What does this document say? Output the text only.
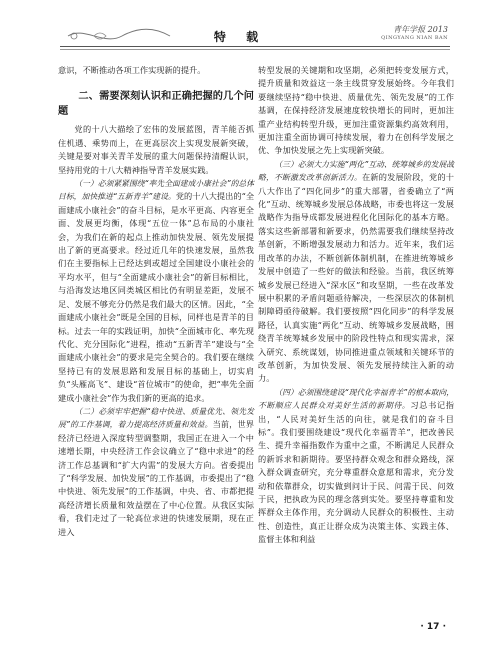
特 载
青年学报 2013
QINGYANG NIAN BAN

意识，不断推动各项工作实现新的提升。

二、需要深刻认识和正确把握的几个问题

党的十八大描绘了宏伟的发展蓝图，青羊能否抓住机遇、乘势而上，在更高层次上实现发展新突破，关键是要对事关青羊发展的重大问题保持清醒认识，坚持用党的十八大精神指导青羊发展实践。

（一）必须紧紧围绕“率先全面建成小康社会”的总体目标，加快推进“五新青羊”建设。党的十八大提出的“全面建成小康社会”的奋斗目标，是水平更高、内容更全面、发展更均衡，体现“五位一体”总布局的小康社会，为我们在新的起点上推动加快发展、领先发展提出了新的更高要求。经过近几年的快速发展，虽然我们在主要指标上已经达到或超过全国建设小康社会的平均水平，但与“全面建成小康社会”的新目标相比，与沿海发达地区同类城区相比仍有明显差距，发展不足、发展不够充分仍然是我们最大的区情。因此，“全面建成小康社会”既是全国的目标，同样也是青羊的目标。过去一年的实践证明，加快“全面城市化、率先现代化、充分国际化”进程，推动“五新青羊”建设与“全面建成小康社会”的要求是完全契合的。我们要在继续坚持已有的发展思路和发展目标的基础上，切实肩负“头雁高飞”、建设“首位城市”的使命，把“率先全面建成小康社会”作为我们新的更高的追求。

（二）必须牢牢把握“稳中快进、质量优先、领先发展”的工作基调，着力提高经济质量和效益。当前，世界经济已经进入深度转型调整期，我国正在进入一个中速增长期，中央经济工作会议确立了“稳中求进”的经济工作总基调和“扩大内需”的发展大方向。省委提出了“科学发展、加快发展”的工作基调，市委提出了“稳中快进、领先发展”的工作基调，中央、省、市都把提高经济增长质量和效益摆在了中心位置。从我区实际看，我们走过了一轮高位求进的快速发展期，现在正进入

转型发展的关键期和攻坚期，必须把转变发展方式，提升质量和效益这一条主线贯穿发展始终。今年我们要继续坚持“稳中快进、质量优先、领先发展”的工作基调，在保持经济发展速度较快增长的同时，更加注重产业结构转型升级，更加注重资源集约高效利用，更加注重全面协调可持续发展，着力在创科学发展之优、争加快发展之先上实现新突破。

（三）必须大力实施“两化”互动、统筹城乡的发展战略，不断激发改革创新活力。在新的发展阶段，党的十八大作出了“四化同步”的重大部署，省委确立了“两化”互动、统筹城乡发展总体战略，市委也将这一发展战略作为指导成都发展进程化化国际化的基本方略。落实这些新部署和新要求，仍然需要我们继续坚持改革创新，不断增强发展动力和活力。近年来，我们运用改革的办法，不断创新体制机制，在推进统筹城乡发展中创造了一些好的做法和经验。当前，我区统筹城乡发展已经进入“深水区”和攻坚期，一些在改革发展中积累的矛盾问题亟待解决，一些深层次的体制机制障碍亟待破解。我们要按照“四化同步”的科学发展路径，认真实施“两化”互动、统筹城乡发展战略，围绕青羊统筹城乡发展中的阶段性特点和现实需求，深入研究、系统谋划，协同推进重点领域和关键环节的改革创新，为加快发展、领先发展持续注入新的动力。

（四）必须围绕建设“现代化幸福青羊”的根本取向，不断顺应人民群众对美好生活的新期待。习总书记指出，“人民对美好生活的向往，就是我们的奋斗目标”。我们要围绕建设“现代化幸福青羊”，把改善民生、提升幸福指数作为重中之重，不断满足人民群众的新诉求和新期待。要坚持群众观念和群众路线，深入群众调查研究，充分尊重群众意愿和需求，充分发动和依靠群众，切实做到问计于民、问需于民、问效于民，把执政为民的理念落到实处。要坚持尊重和发挥群众主体作用，充分调动人民群众的积极性、主动性、创造性，真正让群众成为决策主体、实践主体、监督主体和利益

· 17 ·
